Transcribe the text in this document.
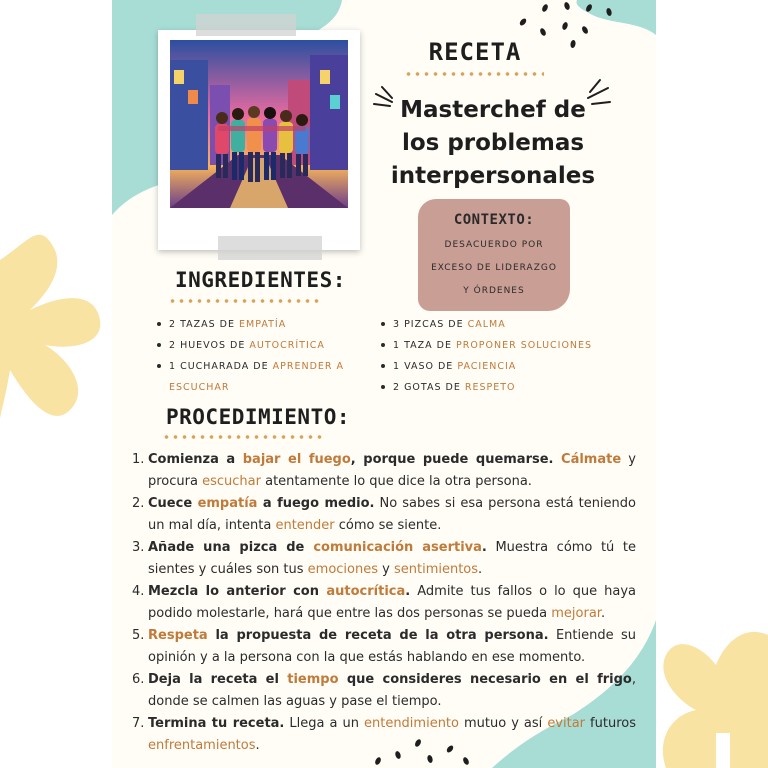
RECETA
Masterchef de
los problemas
interpersonales
CONTEXTO:
DESACUERDO POR
EXCESO DE LIDERAZGO
Y ÓRDENES
INGREDIENTES:
2 TAZAS DE EMPATÍA
2 HUEVOS DE AUTOCRÍTICA
1 CUCHARADA DE APRENDER A ESCUCHAR
3 PIZCAS DE CALMA
1 TAZA DE PROPONER SOLUCIONES
1 VASO DE PACIENCIA
2 GOTAS DE RESPETO
PROCEDIMIENTO:
1. Comienza a bajar el fuego, porque puede quemarse. Cálmate y procura escuchar atentamente lo que dice la otra persona.
2. Cuece empatía a fuego medio. No sabes si esa persona está teniendo un mal día, intenta entender cómo se siente.
3. Añade una pizca de comunicación asertiva. Muestra cómo tú te sientes y cuáles son tus emociones y sentimientos.
4. Mezcla lo anterior con autocrítica. Admite tus fallos o lo que haya podido molestarle, hará que entre las dos personas se pueda mejorar.
5. Respeta la propuesta de receta de la otra persona. Entiende su opinión y a la persona con la que estás hablando en ese momento.
6. Deja la receta el tiempo que consideres necesario en el frigo, donde se calmen las aguas y pase el tiempo.
7. Termina tu receta. Llega a un entendimiento mutuo y así evitar futuros enfrentamientos.
